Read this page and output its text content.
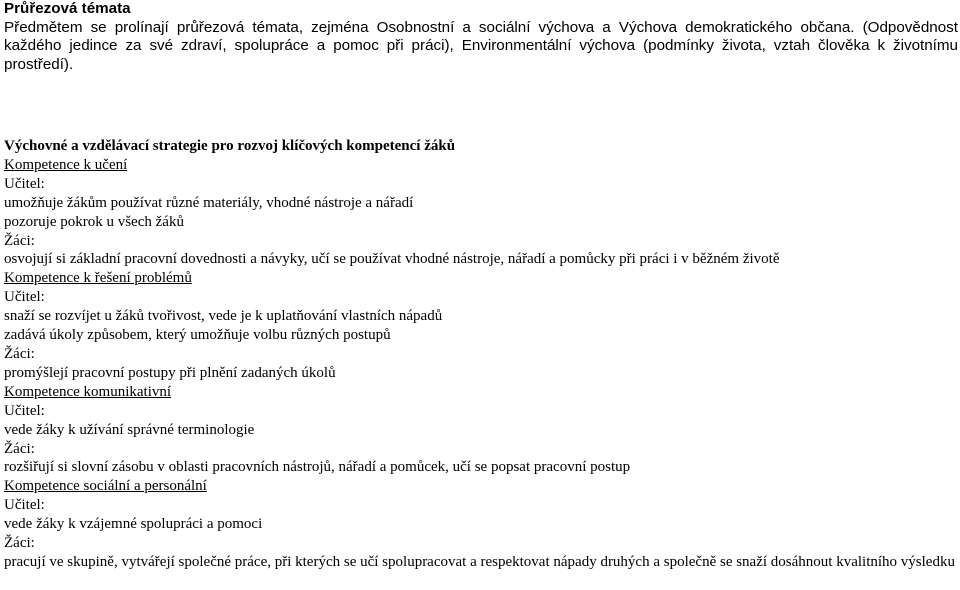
Průřezová témata
Předmětem se prolínají průřezová témata, zejména Osobnostní a sociální výchova a Výchova demokratického občana. (Odpovědnost každého jedince za své zdraví, spolupráce a pomoc při práci), Environmentální výchova (podmínky života, vztah člověka k životnímu prostředí).
Výchovné a vzdělávací strategie pro rozvoj klíčových kompetencí žáků
Kompetence k učení
Učitel:
umožňuje žákům používat různé materiály, vhodné nástroje a nářadí
pozoruje pokrok u všech žáků
Žáci:
osvojují si základní pracovní dovednosti a návyky, učí se používat vhodné nástroje, nářadí a pomůcky při práci i v běžném životě
Kompetence k řešení problémů
Učitel:
snaží se rozvíjet u žáků tvořivost, vede je k uplatňování vlastních nápadů
zadává úkoly způsobem, který umožňuje volbu různých postupů
Žáci:
promýšlejí pracovní postupy při plnění zadaných úkolů
Kompetence komunikativní
Učitel:
vede žáky k užívání správné terminologie
Žáci:
rozšiřují si slovní zásobu v oblasti pracovních nástrojů, nářadí a pomůcek, učí se popsat pracovní postup
Kompetence sociální a personální
Učitel:
vede žáky k vzájemné spolupráci a pomoci
Žáci:
pracují ve skupině, vytvářejí společné práce, při kterých se učí spolupracovat a respektovat nápady druhých a společně se snaží dosáhnout kvalitního výsledku
